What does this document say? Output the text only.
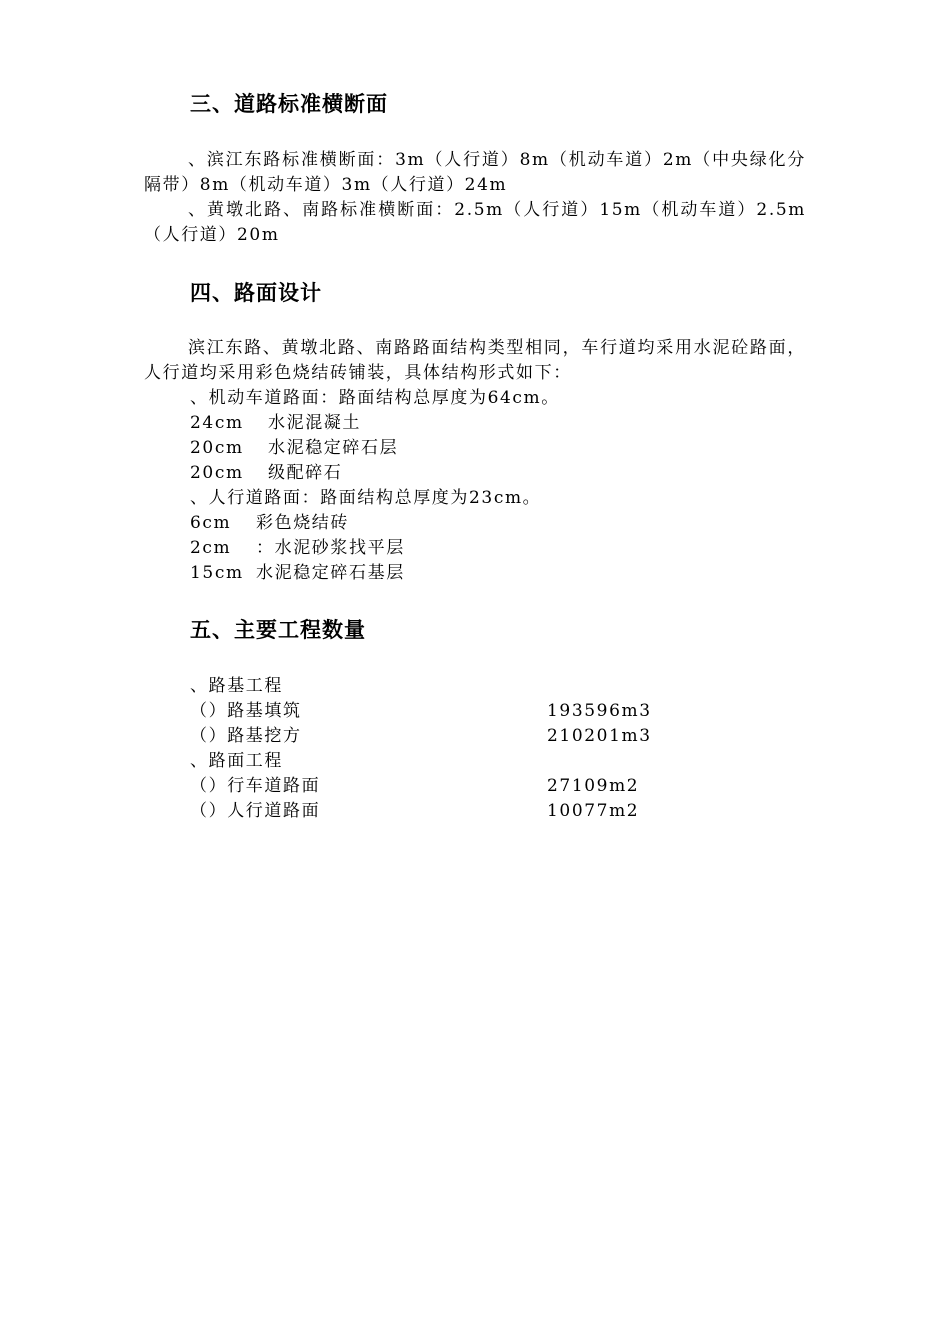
三、道路标准横断面
、滨江东路标准横断面：3m（人行道）8m（机动车道）2m（中央绿化分隔带）8m（机动车道）3m（人行道）24m
、黄墩北路、南路标准横断面：2.5m（人行道）15m（机动车道）2.5m（人行道）20m
四、路面设计
滨江东路、黄墩北路、南路路面结构类型相同，车行道均采用水泥砼路面，人行道均采用彩色烧结砖铺装，具体结构形式如下：
、机动车道路面：路面结构总厚度为64cm。
24cm 水泥混凝土
20cm 水泥稳定碎石层
20cm 级配碎石
、人行道路面：路面结构总厚度为23cm。
6cm 彩色烧结砖
2cm ：水泥砂浆找平层
15cm 水泥稳定碎石基层
五、主要工程数量
、路基工程
（）路基填筑	193596m3
（）路基挖方	210201m3
、路面工程
（）行车道路面	27109m2
（）人行道路面	10077m2
